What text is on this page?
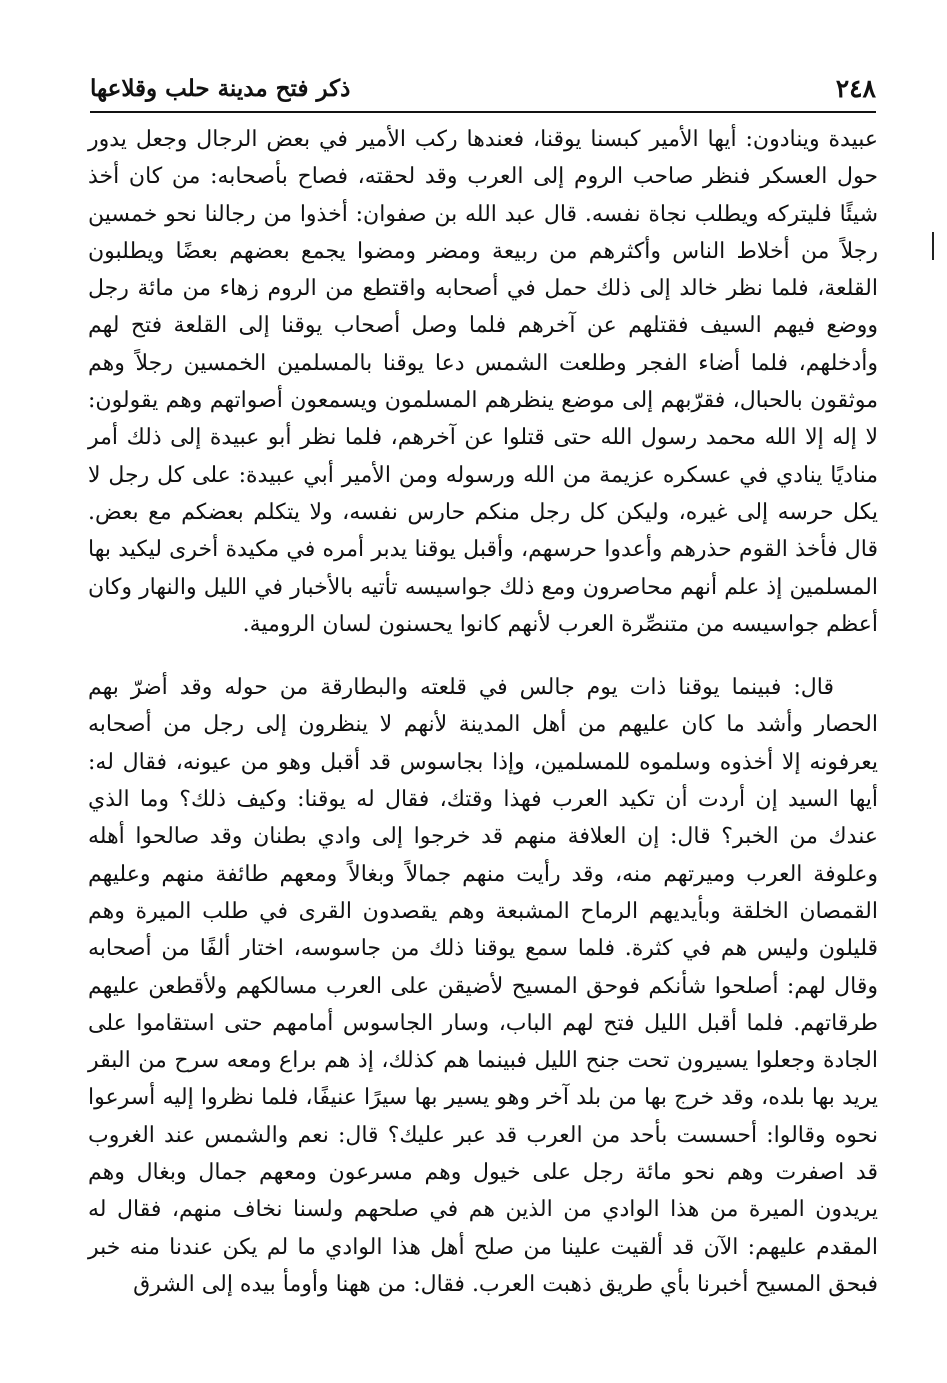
٢٤٨
ذكر فتح مدينة حلب وقلاعها

عبيدة وينادون: أيها الأمير كبسنا يوقنا، فعندها ركب الأمير في بعض الرجال وجعل يدور حول العسكر فنظر صاحب الروم إلى العرب وقد لحقته، فصاح بأصحابه: من كان أخذ شيئًا فليتركه ويطلب نجاة نفسه. قال عبد الله بن صفوان: أخذوا من رجالنا نحو خمسين رجلاً من أخلاط الناس وأكثرهم من ربيعة ومضر ومضوا يجمع بعضهم بعضًا ويطلبون القلعة، فلما نظر خالد إلى ذلك حمل في أصحابه واقتطع من الروم زهاء من مائة رجل ووضع فيهم السيف فقتلهم عن آخرهم فلما وصل أصحاب يوقنا إلى القلعة فتح لهم وأدخلهم، فلما أضاء الفجر وطلعت الشمس دعا يوقنا بالمسلمين الخمسين رجلاً وهم موثقون بالحبال، فقرّبهم إلى موضع ينظرهم المسلمون ويسمعون أصواتهم وهم يقولون: لا إله إلا الله محمد رسول الله حتى قتلوا عن آخرهم، فلما نظر أبو عبيدة إلى ذلك أمر مناديًا ينادي في عسكره عزيمة من الله ورسوله ومن الأمير أبي عبيدة: على كل رجل لا يكل حرسه إلى غيره، وليكن كل رجل منكم حارس نفسه، ولا يتكلم بعضكم مع بعض. قال فأخذ القوم حذرهم وأعدوا حرسهم، وأقبل يوقنا يدبر أمره في مكيدة أخرى ليكيد بها المسلمين إذ علم أنهم محاصرون ومع ذلك جواسيسه تأتيه بالأخبار في الليل والنهار وكان أعظم جواسيسه من متنصِّرة العرب لأنهم كانوا يحسنون لسان الرومية.

قال: فبينما يوقنا ذات يوم جالس في قلعته والبطارقة من حوله وقد أضرّ بهم الحصار وأشد ما كان عليهم من أهل المدينة لأنهم لا ينظرون إلى رجل من أصحابه يعرفونه إلا أخذوه وسلموه للمسلمين، وإذا بجاسوس قد أقبل وهو من عيونه، فقال له: أيها السيد إن أردت أن تكيد العرب فهذا وقتك، فقال له يوقنا: وكيف ذلك؟ وما الذي عندك من الخبر؟ قال: إن العلافة منهم قد خرجوا إلى وادي بطنان وقد صالحوا أهله وعلوفة العرب وميرتهم منه، وقد رأيت منهم جمالاً وبغالاً ومعهم طائفة منهم وعليهم القمصان الخلقة وبأيديهم الرماح المشبعة وهم يقصدون القرى في طلب الميرة وهم قليلون وليس هم في كثرة. فلما سمع يوقنا ذلك من جاسوسه، اختار ألفًا من أصحابه وقال لهم: أصلحوا شأنكم فوحق المسيح لأضيقن على العرب مسالكهم ولأقطعن عليهم طرقاتهم. فلما أقبل الليل فتح لهم الباب، وسار الجاسوس أمامهم حتى استقاموا على الجادة وجعلوا يسيرون تحت جنح الليل فبينما هم كذلك، إذ هم براع ومعه سرح من البقر يريد بها بلده، وقد خرج بها من بلد آخر وهو يسير بها سيرًا عنيفًا، فلما نظروا إليه أسرعوا نحوه وقالوا: أحسست بأحد من العرب قد عبر عليك؟ قال: نعم والشمس عند الغروب قد اصفرت وهم نحو مائة رجل على خيول وهم مسرعون ومعهم جمال وبغال وهم يريدون الميرة من هذا الوادي من الذين هم في صلحهم ولسنا نخاف منهم، فقال له المقدم عليهم: الآن قد ألقيت علينا من صلح أهل هذا الوادي ما لم يكن عندنا منه خبر فبحق المسيح أخبرنا بأي طريق ذهبت العرب. فقال: من ههنا وأومأ بيده إلى الشرق
